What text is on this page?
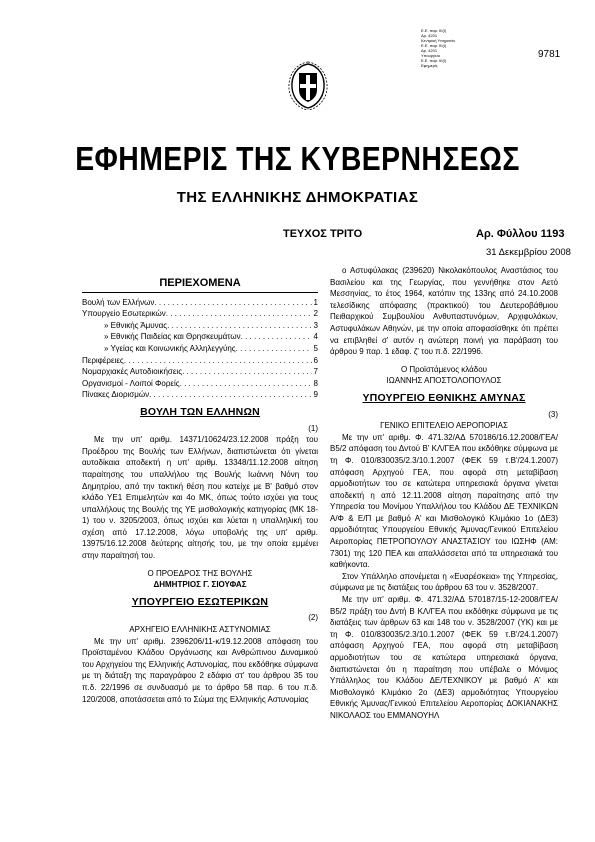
Ε.Ε. παρ. ΙΙΙ(Ι)
Αρ. 4201
Κεντρική Υπηρεσία
Ε.Ε. παρ. ΙΙΙ(Ι)
Αρ. 4201
Υπουργείο
Ε.Ε. παρ. ΙΙΙ(Ι)
Εφημερίς
9781
ΕΦΗΜΕΡΙΣ ΤΗΣ ΚΥΒΕΡΝΗΣΕΩΣ
ΤΗΣ ΕΛΛΗΝΙΚΗΣ ΔΗΜΟΚΡΑΤΙΑΣ
ΤΕΥΧΟΣ ΤΡΙΤΟ	Αρ. Φύλλου 1193
31 Δεκεμβρίου 2008
ΠΕΡΙΕΧΟΜΕΝΑ
Βουλή των Ελλήνων . . .	1
Υπουργείο Εσωτερικών . . .	2
» Εθνικής Άμυνας . . .	3
» Εθνικής Παιδείας και Θρησκευμάτων . . .	4
» Υγείας και Κοινωνικής Αλληλεγγύης . . .	5
Περιφέρειες . . .	6
Νομαρχιακές Αυτοδιοικήσεις . . .	7
Οργανισμοί - Λοιποί Φορείς . . .	8
Πίνακες Διορισμών . . .	9
ΒΟΥΛΗ ΤΩΝ ΕΛΛΗΝΩΝ

(1)

Με την υπ' αριθμ. 14371/10624/23.12.2008 πράξη του Προέδρου της Βουλής των Ελλήνων, διαπιστώνεται ότι γίνεται αυτοδίκαια αποδεκτή η υπ' αριθμ. 13348/11.12.2008 αίτηση παραίτησης του υπαλλήλου της Βουλής Ιωάννη Νόνη του Δημητρίου, από την τακτική θέση που κατείχε με Β' βαθμό στον κλάδο ΥΕ1 Επιμελητών και 4ο ΜΚ, όπως τούτο ισχύει για τους υπαλλήλους της Βουλής της ΥΕ μισθολογικής κατηγορίας (ΜΚ 18-1) του ν. 3205/2003, όπως ισχύει και λύεται η υπαλληλική του σχέση από 17.12.2008, λόγω υποβολής της υπ' αριθμ. 13975/16.12.2008 δεύτερης αίτησής του, με την οποία εμμένει στην παραίτησή του.

Ο ΠΡΟΕΔΡΟΣ ΤΗΣ ΒΟΥΛΗΣ

ΔΗΜΗΤΡΙΟΣ Γ. ΣΙΟΥΦΑΣ

ΥΠΟΥΡΓΕΙΟ ΕΣΩΤΕΡΙΚΩΝ

(2)

ΑΡΧΗΓΕΙΟ ΕΛΛΗΝΙΚΗΣ ΑΣΤΥΝΟΜΙΑΣ

Με την υπ' αριθμ. 2396206/11-κ/19.12.2008 απόφαση του Προϊσταμένου Κλάδου Οργάνωσης και Ανθρώπινου Δυναμικού του Αρχηγείου της Ελληνικής Αστυνομίας, που εκδόθηκε σύμφωνα με τη διάταξη της παραγράφου 2 εδάφιο στ' του άρθρου 35 του π.δ. 22/1996 σε συνδυασμό με το άρθρο 58 παρ. 6 του π.δ. 120/2008, αποτάσσεται από το Σώμα της Ελληνικής Αστυνομίας

ο Αστυφύλακας (239620) Νικολακόπουλος Αναστάσιος του Βασιλείου και της Γεωργίας, που γεννήθηκε στον Αετό Μεσσηνίας, το έτος 1964, κατόπιν της 133ης από 24.10.2008 τελεσίδικης απόφασης (πρακτικού) του Δευτεροβάθμιου Πειθαρχικού Συμβουλίου Ανθυπαστυνόμων, Αρχιφυλάκων, Αστυφυλάκων Αθηνών, με την οποία αποφασίσθηκε ότι πρέπει να επιβληθεί σ' αυτόν η ανώτερη ποινή για παράβαση του άρθρου 9 παρ. 1 εδαφ. ζ' του π.δ. 22/1996.

Ο Προϊστάμενος κλάδου

ΙΩΑΝΝΗΣ ΑΠΟΣΤΟΛΟΠΟΥΛΟΣ

ΥΠΟΥΡΓΕΙΟ ΕΘΝΙΚΗΣ ΑΜΥΝΑΣ

(3)

ΓΕΝΙΚΟ ΕΠΙΤΕΛΕΙΟ ΑΕΡΟΠΟΡΙΑΣ

Με την υπ' αριθμ. Φ. 471.32/ΑΔ 570186/16.12.2008/ΓΕΑ/Β5/2 απόφαση του Δντού Β' ΚΛ/ΓΕΑ που εκδόθηκε σύμφωνα με τη Φ. 010/830035/2.3/10.1.2007 (ΦΕΚ 59 τ.Β'/24.1.2007) απόφαση Αρχηγού ΓΕΑ, που αφορά στη μεταβίβαση αρμοδιοτήτων του σε κατώτερα υπηρεσιακά όργανα γίνεται αποδεκτή η από 12.11.2008 αίτηση παραίτησης από την Υπηρεσία του Μονίμου Υπαλλήλου του Κλάδου ΔΕ ΤΕΧΝΙΚΩΝ Α/Φ & Ε/Π με βαθμό Α' και Μισθολογικό Κλιμάκιο 1ο (ΔΕ3) αρμοδιότητας Υπουργείου Εθνικής Άμυνας/Γενικού Επιτελείου Αεροπορίας ΠΕΤΡΟΠΟΥΛΟΥ ΑΝΑΣΤΑΣΙΟΥ του ΙΩΣΗΦ (ΑΜ: 7301) της 120 ΠΕΑ και απαλλάσσεται από τα υπηρεσιακά του καθήκοντα.

Στον Υπάλληλο απονέμεται η «Ευαρέσκεια» της Υπηρεσίας, σύμφωνα με τις διατάξεις του άρθρου 63 του ν. 3528/2007.

Με την υπ' αριθμ. Φ. 471.32/ΑΔ 570187/15-12-2008/ΓΕΑ/Β5/2 πράξη του Δντή Β ΚΛ/ΓΕΑ που εκδόθηκε σύμφωνα με τις διατάξεις των άρθρων 63 και 148 του ν. 3528/2007 (ΥΚ) και με τη Φ. 010/830035/2.3/10.1.2007 (ΦΕΚ 59 τ.Β'/24.1.2007) απόφαση Αρχηγού ΓΕΑ, που αφορά στη μεταβίβαση αρμοδιοτήτων του σε κατώτερα υπηρεσιακά όργανα, διαπιστώνεται ότι η παραίτηση που υπέβαλε ο Μόνιμος Υπάλληλος του Κλάδου ΔΕ/ΤΕΧΝΙΚΟΥ με βαθμό Α' και Μισθολογικό Κλιμάκιο 2ο (ΔΕ3) αρμοδιότητας Υπουργείου Εθνικής Άμυνας/Γενικού Επιτελείου Αεροπορίας ΔΟΚΙΑΝΑΚΗΣ ΝΙΚΟΛΑΟΣ του ΕΜΜΑΝΟΥΗΛ
